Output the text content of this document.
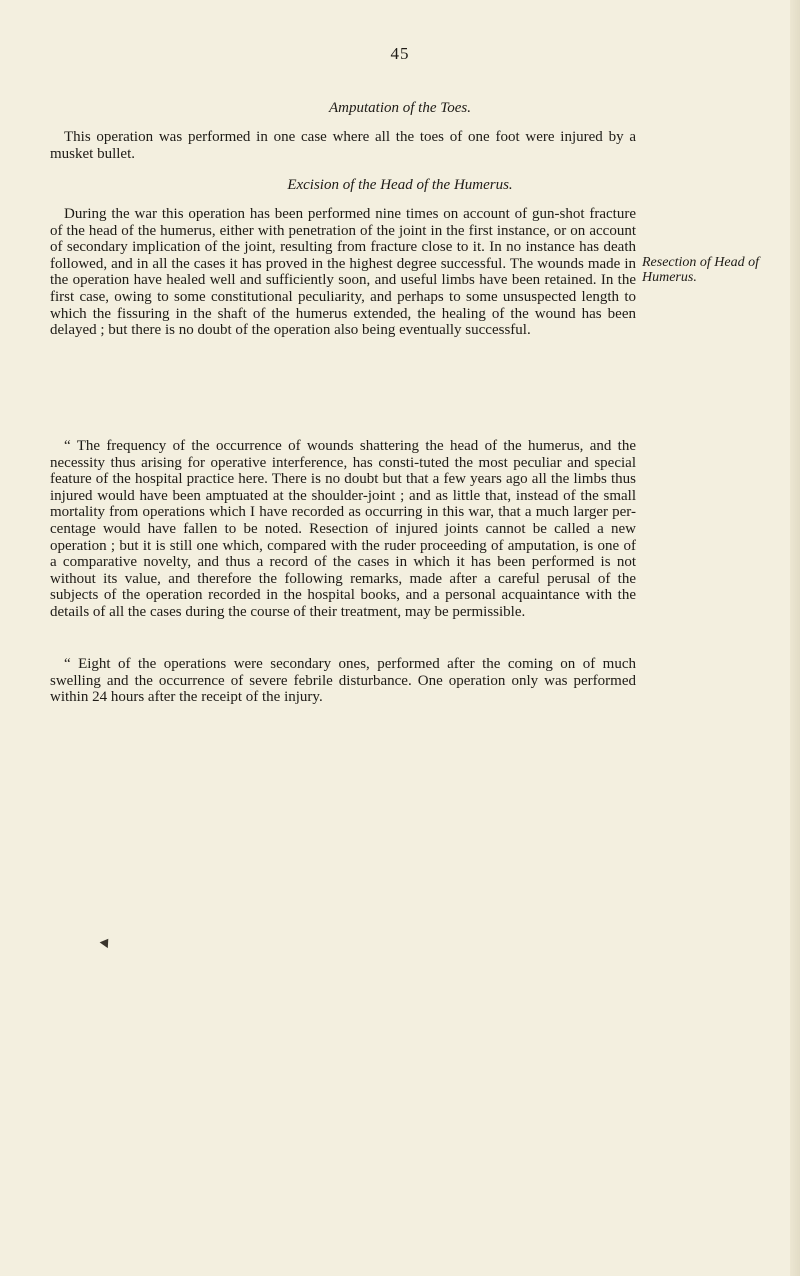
45
Amputation of the Toes.

This operation was performed in one case where all the toes of one foot were injured by a musket bullet.

Excision of the Head of the Humerus.

During the war this operation has been performed nine times on account of gun-shot fracture of the head of the humerus, either with penetration of the joint in the first instance, or on account of secondary implication of the joint, resulting from fracture close to it. In no instance has death followed, and in all the cases it has proved in the highest degree successful. The wounds made in the operation have healed well and sufficiently soon, and useful limbs have been retained. In the first case, owing to some constitutional peculiarity, and perhaps to some unsuspected length to which the fissuring in the shaft of the humerus extended, the healing of the wound has been delayed ; but there is no doubt of the operation also being eventually successful.

Resection of Head of Humerus.

“ The frequency of the occurrence of wounds shattering the head of the humerus, and the necessity thus arising for operative interference, has consti-tuted the most peculiar and special feature of the hospital practice here. There is no doubt but that a few years ago all the limbs thus injured would have been amptuated at the shoulder-joint ; and as little that, instead of the small mortality from operations which I have recorded as occurring in this war, that a much larger per-centage would have fallen to be noted. Resection of injured joints cannot be called a new operation ; but it is still one which, compared with the ruder proceeding of amputation, is one of a comparative novelty, and thus a record of the cases in which it has been performed is not without its value, and therefore the following remarks, made after a careful perusal of the subjects of the operation recorded in the hospital books, and a personal acquaintance with the details of all the cases during the course of their treatment, may be permissible.

“ Eight of the operations were secondary ones, performed after the coming on of much swelling and the occurrence of severe febrile disturbance. One operation only was performed within 24 hours after the receipt of the injury.
